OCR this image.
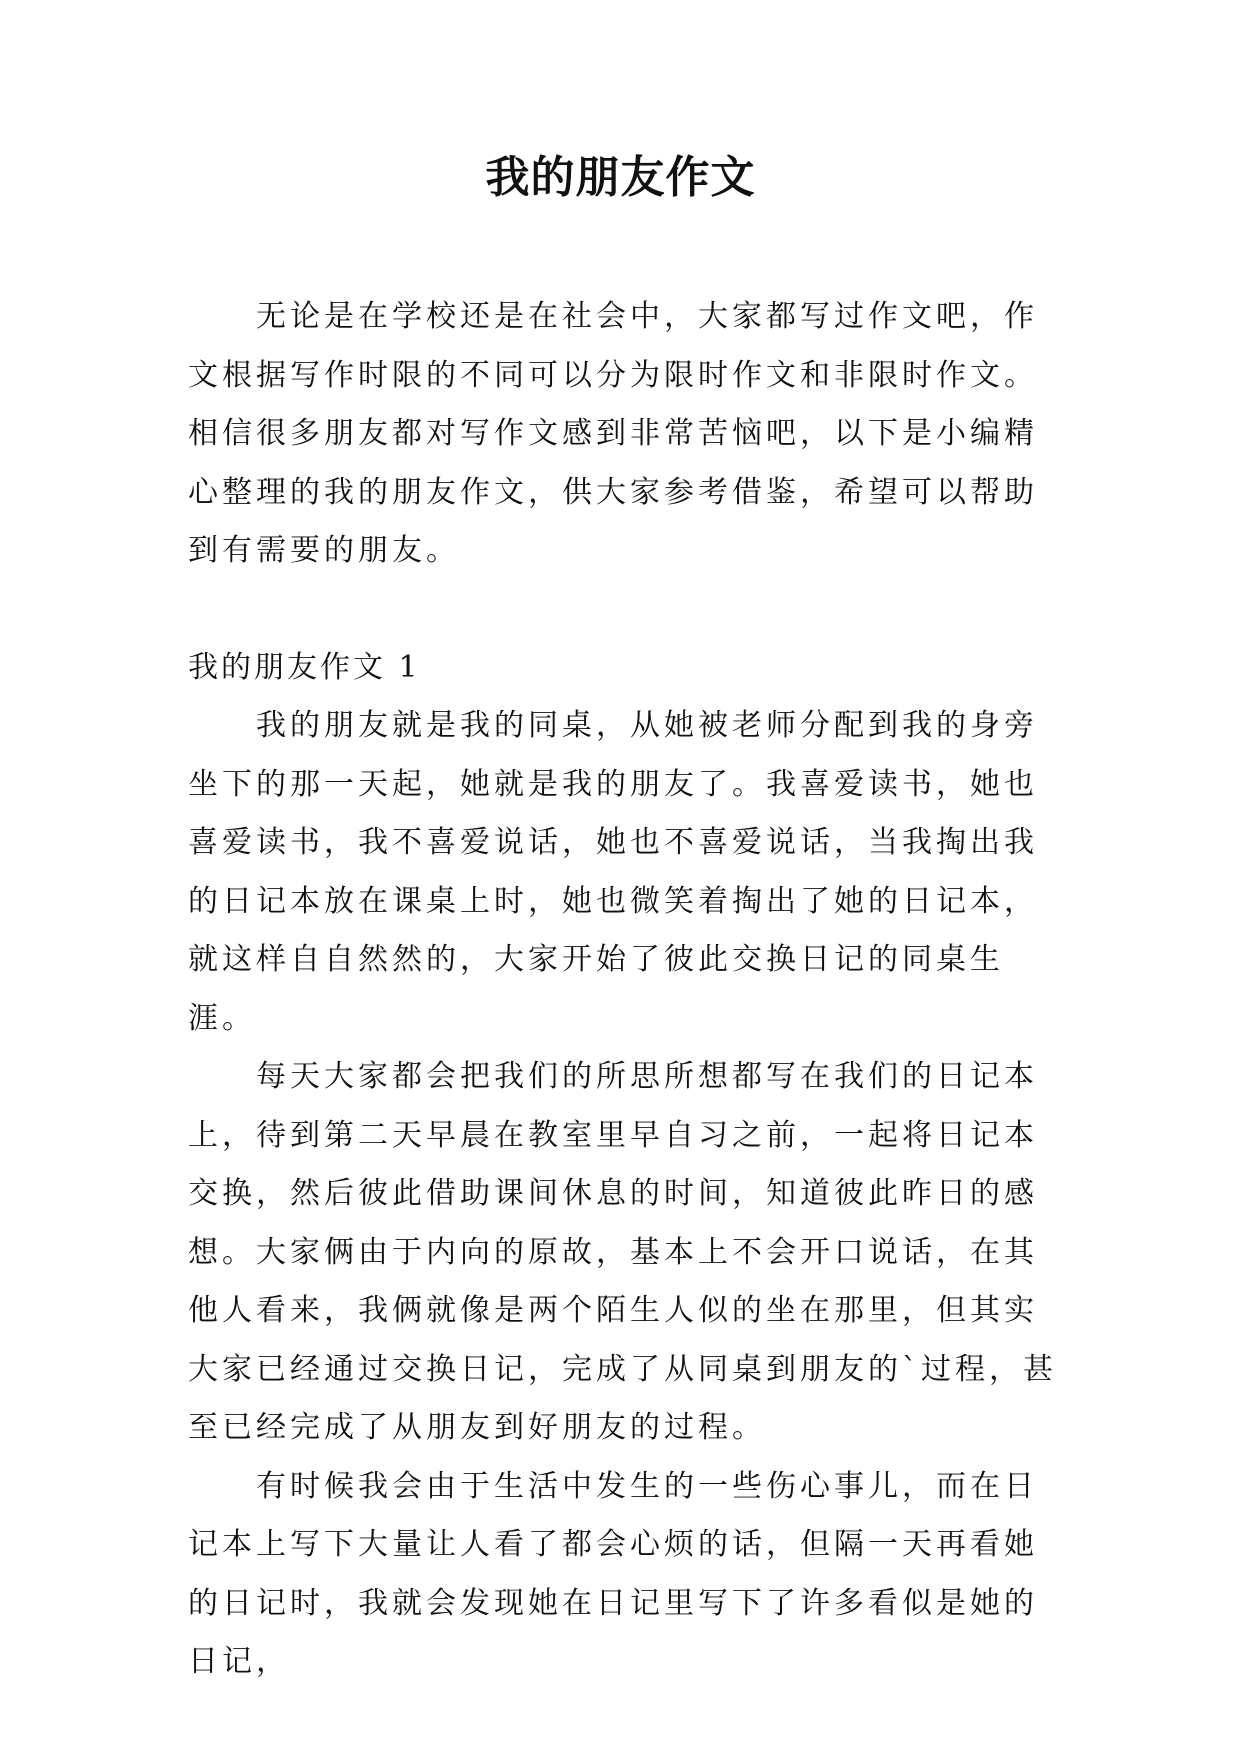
我的朋友作文

无论是在学校还是在社会中，大家都写过作文吧，作文根据写作时限的不同可以分为限时作文和非限时作文。相信很多朋友都对写作文感到非常苦恼吧，以下是小编精心整理的我的朋友作文，供大家参考借鉴，希望可以帮助到有需要的朋友。

我的朋友作文 1

我的朋友就是我的同桌，从她被老师分配到我的身旁坐下的那一天起，她就是我的朋友了。我喜爱读书，她也喜爱读书，我不喜爱说话，她也不喜爱说话，当我掏出我的日记本放在课桌上时，她也微笑着掏出了她的日记本，就这样自自然然的，大家开始了彼此交换日记的同桌生涯。

每天大家都会把我们的所思所想都写在我们的日记本上，待到第二天早晨在教室里早自习之前，一起将日记本交换，然后彼此借助课间休息的时间，知道彼此昨日的感想。大家俩由于内向的原故，基本上不会开口说话，在其他人看来，我俩就像是两个陌生人似的坐在那里，但其实大家已经通过交换日记，完成了从同桌到朋友的`过程，甚至已经完成了从朋友到好朋友的过程。

有时候我会由于生活中发生的一些伤心事儿，而在日记本上写下大量让人看了都会心烦的话，但隔一天再看她的日记时，我就会发现她在日记里写下了许多看似是她的日记，
